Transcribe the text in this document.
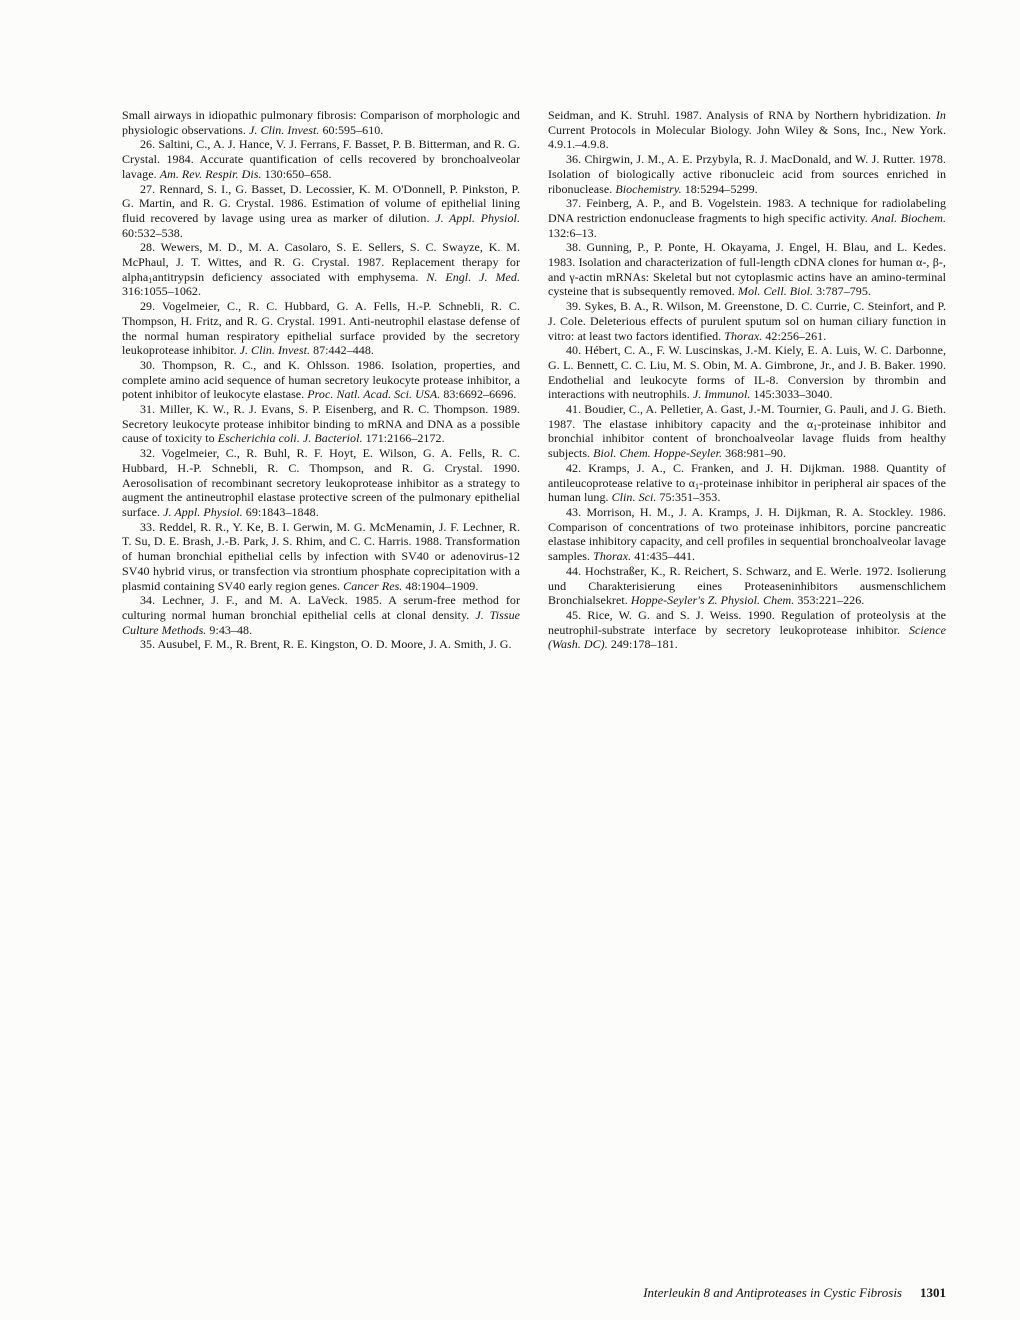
Small airways in idiopathic pulmonary fibrosis: Comparison of morphologic and physiologic observations. J. Clin. Invest. 60:595–610.

26. Saltini, C., A. J. Hance, V. J. Ferrans, F. Basset, P. B. Bitterman, and R. G. Crystal. 1984. Accurate quantification of cells recovered by bronchoalveolar lavage. Am. Rev. Respir. Dis. 130:650–658.

27. Rennard, S. I., G. Basset, D. Lecossier, K. M. O'Donnell, P. Pinkston, P. G. Martin, and R. G. Crystal. 1986. Estimation of volume of epithelial lining fluid recovered by lavage using urea as marker of dilution. J. Appl. Physiol. 60:532–538.

28. Wewers, M. D., M. A. Casolaro, S. E. Sellers, S. C. Swayze, K. M. McPhaul, J. T. Wittes, and R. G. Crystal. 1987. Replacement therapy for alpha$_1$antitrypsin deficiency associated with emphysema. N. Engl. J. Med. 316:1055–1062.

29. Vogelmeier, C., R. C. Hubbard, G. A. Fells, H.-P. Schnebli, R. C. Thompson, H. Fritz, and R. G. Crystal. 1991. Anti-neutrophil elastase defense of the normal human respiratory epithelial surface provided by the secretory leukoprotease inhibitor. J. Clin. Invest. 87:442–448.

30. Thompson, R. C., and K. Ohlsson. 1986. Isolation, properties, and complete amino acid sequence of human secretory leukocyte protease inhibitor, a potent inhibitor of leukocyte elastase. Proc. Natl. Acad. Sci. USA. 83:6692–6696.

31. Miller, K. W., R. J. Evans, S. P. Eisenberg, and R. C. Thompson. 1989. Secretory leukocyte protease inhibitor binding to mRNA and DNA as a possible cause of toxicity to Escherichia coli. J. Bacteriol. 171:2166–2172.

32. Vogelmeier, C., R. Buhl, R. F. Hoyt, E. Wilson, G. A. Fells, R. C. Hubbard, H.-P. Schnebli, R. C. Thompson, and R. G. Crystal. 1990. Aerosolisation of recombinant secretory leukoprotease inhibitor as a strategy to augment the antineutrophil elastase protective screen of the pulmonary epithelial surface. J. Appl. Physiol. 69:1843–1848.

33. Reddel, R. R., Y. Ke, B. I. Gerwin, M. G. McMenamin, J. F. Lechner, R. T. Su, D. E. Brash, J.-B. Park, J. S. Rhim, and C. C. Harris. 1988. Transformation of human bronchial epithelial cells by infection with SV40 or adenovirus-12 SV40 hybrid virus, or transfection via strontium phosphate coprecipitation with a plasmid containing SV40 early region genes. Cancer Res. 48:1904–1909.

34. Lechner, J. F., and M. A. LaVeck. 1985. A serum-free method for culturing normal human bronchial epithelial cells at clonal density. J. Tissue Culture Methods. 9:43–48.

35. Ausubel, F. M., R. Brent, R. E. Kingston, O. D. Moore, J. A. Smith, J. G.

Seidman, and K. Struhl. 1987. Analysis of RNA by Northern hybridization. In Current Protocols in Molecular Biology. John Wiley & Sons, Inc., New York. 4.9.1.–4.9.8.

36. Chirgwin, J. M., A. E. Przybyla, R. J. MacDonald, and W. J. Rutter. 1978. Isolation of biologically active ribonucleic acid from sources enriched in ribonuclease. Biochemistry. 18:5294–5299.

37. Feinberg, A. P., and B. Vogelstein. 1983. A technique for radiolabeling DNA restriction endonuclease fragments to high specific activity. Anal. Biochem. 132:6–13.

38. Gunning, P., P. Ponte, H. Okayama, J. Engel, H. Blau, and L. Kedes. 1983. Isolation and characterization of full-length cDNA clones for human α-, β-, and γ-actin mRNAs: Skeletal but not cytoplasmic actins have an amino-terminal cysteine that is subsequently removed. Mol. Cell. Biol. 3:787–795.

39. Sykes, B. A., R. Wilson, M. Greenstone, D. C. Currie, C. Steinfort, and P. J. Cole. Deleterious effects of purulent sputum sol on human ciliary function in vitro: at least two factors identified. Thorax. 42:256–261.

40. Hébert, C. A., F. W. Luscinskas, J.-M. Kiely, E. A. Luis, W. C. Darbonne, G. L. Bennett, C. C. Liu, M. S. Obin, M. A. Gimbrone, Jr., and J. B. Baker. 1990. Endothelial and leukocyte forms of IL-8. Conversion by thrombin and interactions with neutrophils. J. Immunol. 145:3033–3040.

41. Boudier, C., A. Pelletier, A. Gast, J.-M. Tournier, G. Pauli, and J. G. Bieth. 1987. The elastase inhibitory capacity and the $\alpha_1$-proteinase inhibitor and bronchial inhibitor content of bronchoalveolar lavage fluids from healthy subjects. Biol. Chem. Hoppe-Seyler. 368:981–90.

42. Kramps, J. A., C. Franken, and J. H. Dijkman. 1988. Quantity of antileucoprotease relative to $\alpha_1$-proteinase inhibitor in peripheral air spaces of the human lung. Clin. Sci. 75:351–353.

43. Morrison, H. M., J. A. Kramps, J. H. Dijkman, R. A. Stockley. 1986. Comparison of concentrations of two proteinase inhibitors, porcine pancreatic elastase inhibitory capacity, and cell profiles in sequential bronchoalveolar lavage samples. Thorax. 41:435–441.

44. Hochstraßer, K., R. Reichert, S. Schwarz, and E. Werle. 1972. Isolierung und Charakterisierung eines Proteaseninhibitors ausmenschlichem Bronchialsekret. Hoppe-Seyler's Z. Physiol. Chem. 353:221–226.

45. Rice, W. G. and S. J. Weiss. 1990. Regulation of proteolysis at the neutrophil-substrate interface by secretory leukoprotease inhibitor. Science (Wash. DC). 249:178–181.

Interleukin 8 and Antiproteases in Cystic Fibrosis 1301
